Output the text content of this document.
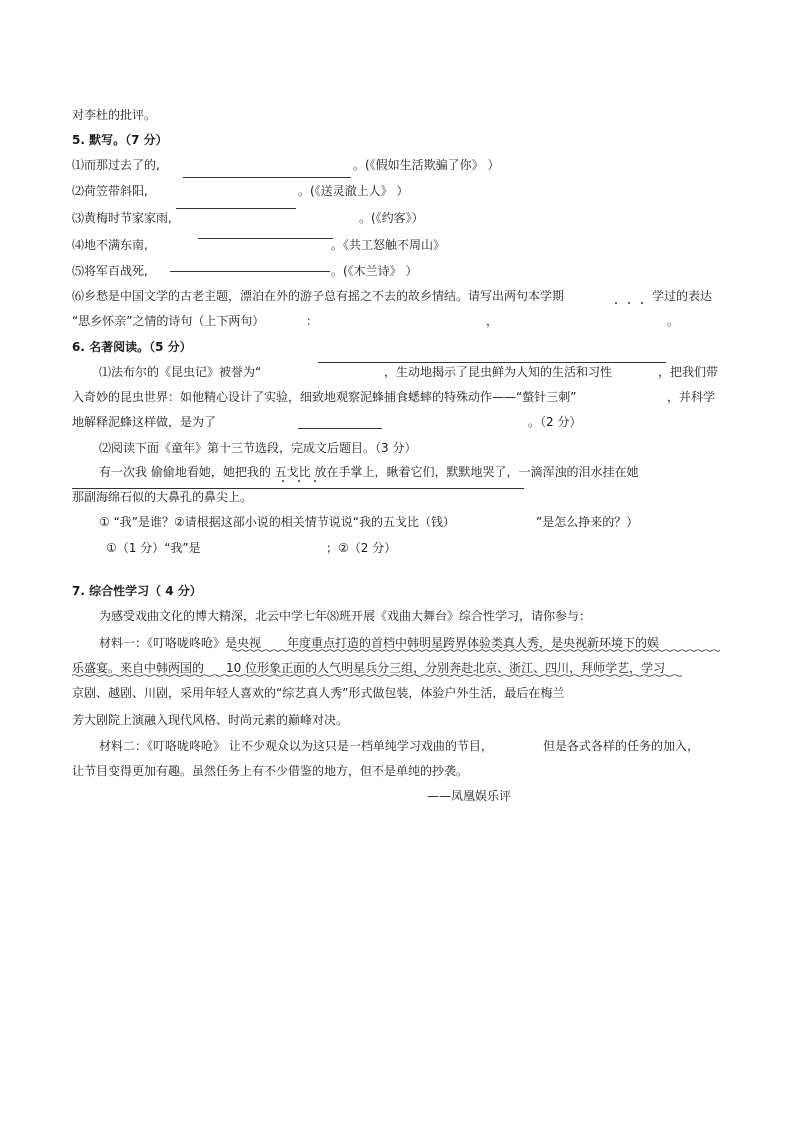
对李杜的批评。
5. 默写。（7 分）
⑴而那过去了的,	。(《假如生活欺骗了你》 ）
⑵荷笠带斜阳,	。(《送灵澈上人》 ）
⑶黄梅时节家家雨,	。(《约客》）
⑷地不满东南,	。《共工怒触不周山》
⑸将军百战死,	。(《木兰诗》 ）
⑹乡愁是中国文学的古老主题，漂泊在外的游子总有摇之不去的故乡情结。请写出两句本学期	学过的表达
“思乡怀亲”之情的诗句（上下两句）	：	，	。
6. 名著阅读。（5 分）
⑴法布尔的《昆虫记》被誉为“	，生动地揭示了昆虫鲜为人知的生活和习性	，把我们带
入奇妙的昆虫世界：如他精心设计了实验，细致地观察泥蜂捕食蟋蟀的特殊动作——“螫针三刺”	，并科学
地解释泥蜂这样做，是为了	。（2 分）
⑵阅读下面《童年》第十三节选段，完成文后题目。（3 分）
有一次我 偷偷地看她，她把我的 五戈比 放在手掌上，瞅着它们，默默地哭了，一滴浑浊的泪水挂在她
那副海绵石似的大鼻孔的鼻尖上。
① “我”是谁？②请根据这部小说的相关情节说说“我的五戈比（钱）	”是怎么挣来的？）
①（1 分）“我”是	；②（2 分）
7. 综合性学习（ 4 分）
为感受戏曲文化的博大精深，北云中学七年⑻班开展《戏曲大舞台》综合性学习，请你参与：
材料一：《叮咯咙咚呛》是央视 年度重点打造的首档中韩明星跨界体验类真人秀，是央视新环境下的娱
乐盛宴。来自中韩两国的 10 位形象正面的人气明星兵分三组，分别奔赴北京、浙江、四川，拜师学艺，学习
京剧、越剧、川剧，采用年轻人喜欢的“综艺真人秀”形式做包装，体验户外生活，最后在梅兰
芳大剧院上演融入现代风格、时尚元素的巅峰对决。
材料二：《叮咯咙咚呛》 让不少观众以为这只是一档单纯学习戏曲的节目，	但是各式各样的任务的加入，
让节目变得更加有趣。虽然任务上有不少借鉴的地方，但不是单纯的抄袭。
——凤凰娱乐评
